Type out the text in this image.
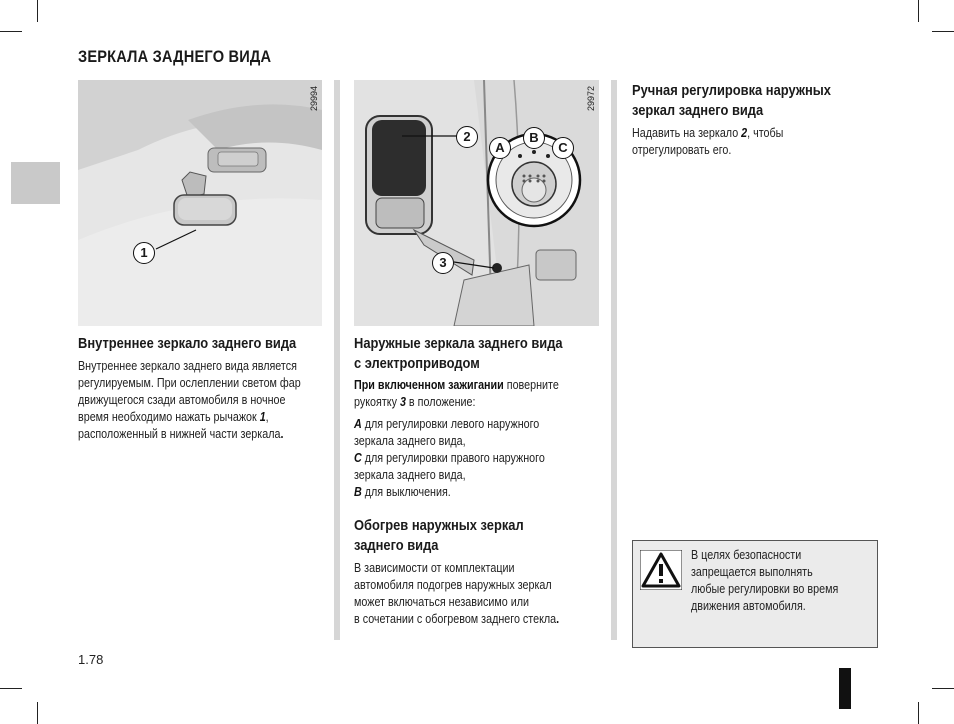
ЗЕРКАЛА ЗАДНЕГО ВИДА
29994
1
29972
2
3
A
B
C
Внутреннее зеркало заднего вида
Внутреннее зеркало заднего вида является
регулируемым. При ослеплении светом фар
движущегося сзади автомобиля в ночное
время необходимо нажать рычажок 1,
расположенный в нижней части зеркала.
Наружные зеркала заднего вида
с электроприводом
При включенном зажигании поверните
рукоятку 3 в положение:
A для регулировки левого наружного
зеркала заднего вида,
C для регулировки правого наружного
зеркала заднего вида,
B для выключения.
Обогрев наружных зеркал
заднего вида
В зависимости от комплектации
автомобиля подогрев наружных зеркал
может включаться независимо или
в сочетании с обогревом заднего стекла.
Ручная регулировка наружных
зеркал заднего вида
Надавить на зеркало 2, чтобы
отрегулировать его.
В целях безопасности
запрещается выполнять
любые регулировки во время
движения автомобиля.
1.78
